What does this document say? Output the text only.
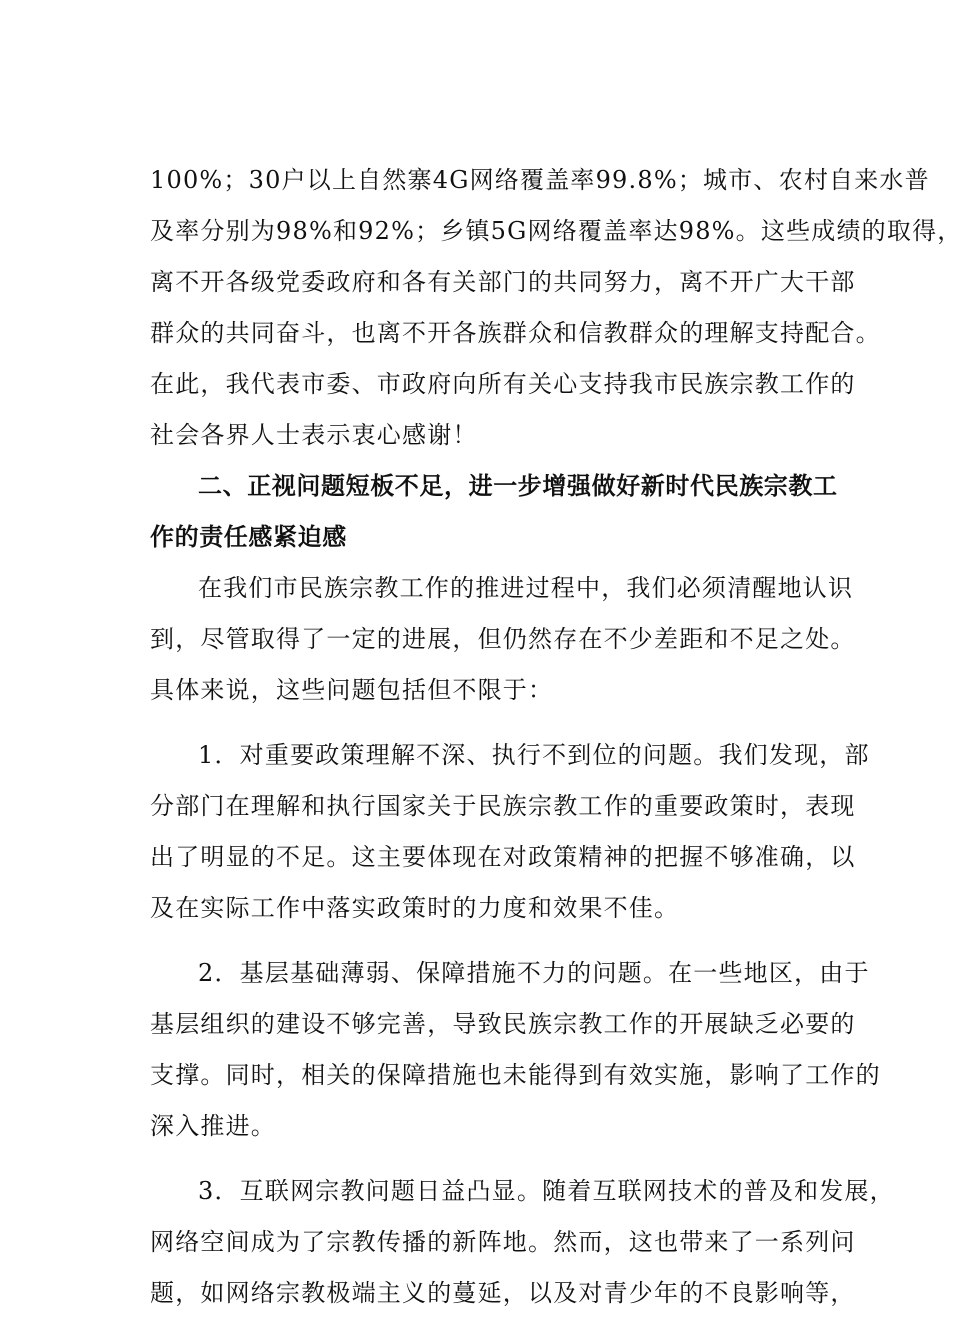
100%；30户以上自然寨4G网络覆盖率99.8%；城市、农村自来水普
及率分别为98%和92%；乡镇5G网络覆盖率达98%。这些成绩的取得，
离不开各级党委政府和各有关部门的共同努力，离不开广大干部
群众的共同奋斗，也离不开各族群众和信教群众的理解支持配合。
在此，我代表市委、市政府向所有关心支持我市民族宗教工作的
社会各界人士表示衷心感谢！
二、正视问题短板不足，进一步增强做好新时代民族宗教工
作的责任感紧迫感
在我们市民族宗教工作的推进过程中，我们必须清醒地认识
到，尽管取得了一定的进展，但仍然存在不少差距和不足之处。
具体来说，这些问题包括但不限于：
1．对重要政策理解不深、执行不到位的问题。我们发现，部
分部门在理解和执行国家关于民族宗教工作的重要政策时，表现
出了明显的不足。这主要体现在对政策精神的把握不够准确，以
及在实际工作中落实政策时的力度和效果不佳。
2．基层基础薄弱、保障措施不力的问题。在一些地区，由于
基层组织的建设不够完善，导致民族宗教工作的开展缺乏必要的
支撑。同时，相关的保障措施也未能得到有效实施，影响了工作的
深入推进。
3．互联网宗教问题日益凸显。随着互联网技术的普及和发展，
网络空间成为了宗教传播的新阵地。然而，这也带来了一系列问
题，如网络宗教极端主义的蔓延，以及对青少年的不良影响等，
